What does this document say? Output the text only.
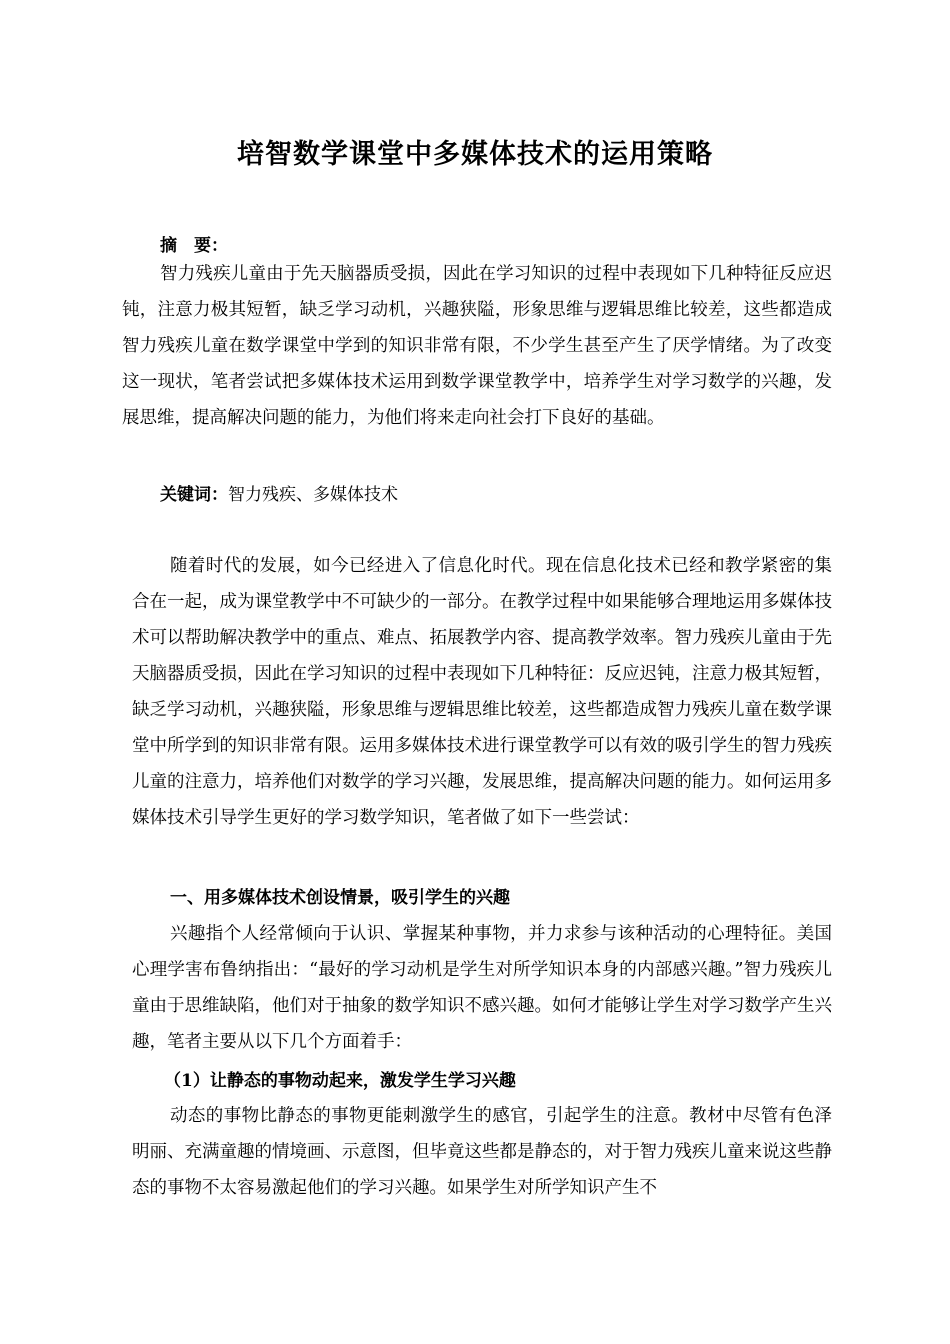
培智数学课堂中多媒体技术的运用策略
摘　要：

智力残疾儿童由于先天脑器质受损，因此在学习知识的过程中表现如下几种特征反应迟钝，注意力极其短暂，缺乏学习动机，兴趣狭隘，形象思维与逻辑思维比较差，这些都造成智力残疾儿童在数学课堂中学到的知识非常有限，不少学生甚至产生了厌学情绪。为了改变这一现状，笔者尝试把多媒体技术运用到数学课堂教学中，培养学生对学习数学的兴趣，发展思维，提高解决问题的能力，为他们将来走向社会打下良好的基础。

关键词：智力残疾、多媒体技术

随着时代的发展，如今已经进入了信息化时代。现在信息化技术已经和教学紧密的集合在一起，成为课堂教学中不可缺少的一部分。在教学过程中如果能够合理地运用多媒体技术可以帮助解决教学中的重点、难点、拓展教学内容、提高教学效率。智力残疾儿童由于先天脑器质受损，因此在学习知识的过程中表现如下几种特征：反应迟钝，注意力极其短暂，缺乏学习动机，兴趣狭隘，形象思维与逻辑思维比较差，这些都造成智力残疾儿童在数学课堂中所学到的知识非常有限。运用多媒体技术进行课堂教学可以有效的吸引学生的智力残疾儿童的注意力，培养他们对数学的学习兴趣，发展思维，提高解决问题的能力。如何运用多媒体技术引导学生更好的学习数学知识，笔者做了如下一些尝试：

一、用多媒体技术创设情景，吸引学生的兴趣

兴趣指个人经常倾向于认识、掌握某种事物，并力求参与该种活动的心理特征。美国心理学害布鲁纳指出：“最好的学习动机是学生对所学知识本身的内部感兴趣。”智力残疾儿童由于思维缺陷，他们对于抽象的数学知识不感兴趣。如何才能够让学生对学习数学产生兴趣，笔者主要从以下几个方面着手：

（1）让静态的事物动起来，激发学生学习兴趣

动态的事物比静态的事物更能刺激学生的感官，引起学生的注意。教材中尽管有色泽明丽、充满童趣的情境画、示意图，但毕竟这些都是静态的，对于智力残疾儿童来说这些静态的事物不太容易激起他们的学习兴趣。如果学生对所学知识产生不
